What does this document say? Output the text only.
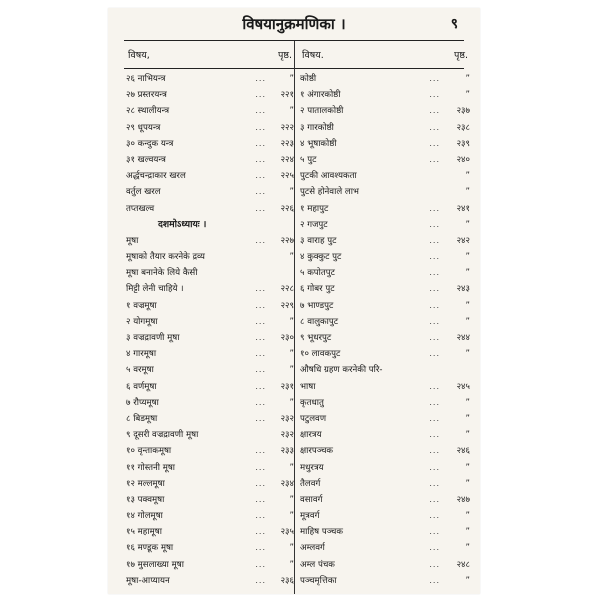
विषयानुक्रमणिका ।	९
विषय,	पृष्ठ.
२६ नाभियन्त्र	...	”
२७ प्रस्तरयन्त्र	... २२१
२८ स्थालीयन्त्र	...	”
२९ धूपयन्त्र	... २२२
३० कन्दुक यन्त्र	... २२३
३१ खल्वयन्त्र	... २२४
अर्द्धचन्द्राकार खरल	... २२५
वर्तुल खरल	...	”
तप्तखल्व	... २२६
दशमोऽध्यायः ।
मूषा	... २२७
मूषाको तैयार करनेके द्रव्य	”
मूषा बनानेके लिये कैसी
मिट्टी लेनी चाहिये ।	... २२८
१ वज्रमूषा	... २२९
२ योगमूषा	...	”
३ वज्रद्रावणी मूषा	... २३०
४ गारमूषा	...	”
५ वरमूषा	...	”
६ वर्णमूषा	... २३१
७ रौप्यमूषा	...	”
८ बिडमूषा	... २३२
९ दूसरी वज्रद्रावणी मूषा	२३२
१० वृन्ताकमूषा	... २३३
११ गोस्तनी मूषा	...	”
१२ मल्लमूषा	... २३४
१३ पक्वमूषा	...	”
१४ गोलमूषा	...	”
१५ महामूषा	... २३५
१६ मण्डूक मूषा	...	”
१७ मुसलाख्या मूषा	...	”
मूषा-आप्यायन	... २३६
विषय.	पृष्ठ.
कोष्ठी	...	”
१ अंगारकोष्ठी	...	”
२ पातालकोष्ठी	... २३७
३ गारकोष्ठी	... २३८
४ भूषाकोष्ठी	... २३९
५ पुट	... २४०
पुटकी आवश्यकता	”
पुटसे होनेवाले लाभ	”
१ महापुट	... २४१
२ गजपुट	...	”
३ वाराह पुट	... २४२
४ कुक्कुट पुट	...	”
५ कपोतपुट	...	”
६ गोबर पुट	... २४३
७ भाण्डपुट	...	”
८ वालुकापुट	...	”
९ भूधरपुट	... २४४
१० लावकपुट	...	”
औषधि ग्रहण करनेकी परि-
भाषा	... २४५
कृतधातु	...	”
पटुलवण	...	”
क्षारत्रय	...	”
क्षारपञ्चक	... २४६
मधुरत्रय	...	”
तैलवर्ग	...	”
वसावर्ग	... २४७
मूत्रवर्ग	...	”
माहिष पञ्चक	...	”
अम्लवर्ग	...	”
अम्ल पंचक	... २४८
पञ्चमृत्तिका	...	”
